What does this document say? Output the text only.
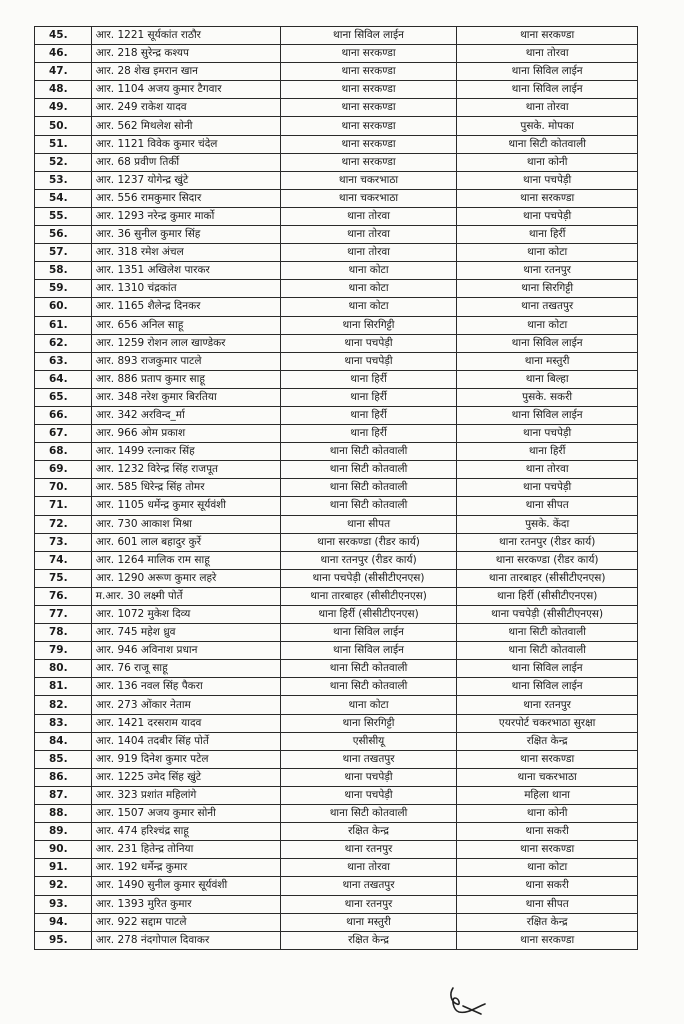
45.	आर. 1221 सूर्यकांत राठौर	थाना सिविल लाईन	थाना सरकण्डा
46.	आर. 218 सुरेन्द्र कश्यप	थाना सरकण्डा	थाना तोरवा
47.	आर. 28 शेख इमरान खान	थाना सरकण्डा	थाना सिविल लाईन
48.	आर. 1104 अजय कुमार टैगवार	थाना सरकण्डा	थाना सिविल लाईन
49.	आर. 249 राकेश यादव	थाना सरकण्डा	थाना तोरवा
50.	आर. 562 मिथलेश सोनी	थाना सरकण्डा	पुसके. मोपका
51.	आर. 1121 विवेक कुमार चंदेल	थाना सरकण्डा	थाना सिटी कोतवाली
52.	आर. 68 प्रवीण तिर्की	थाना सरकण्डा	थाना कोनी
53.	आर. 1237 योगेन्द्र खुंटे	थाना चकरभाठा	थाना पचपेड़ी
54.	आर. 556 रामकुमार सिदार	थाना चकरभाठा	थाना सरकण्डा
55.	आर. 1293 नरेन्द्र कुमार मार्को	थाना तोरवा	थाना पचपेड़ी
56.	आर. 36 सुनील कुमार सिंह	थाना तोरवा	थाना हिर्री
57.	आर. 318 रमेश अंचल	थाना तोरवा	थाना कोटा
58.	आर. 1351 अखिलेश पारकर	थाना कोटा	थाना रतनपुर
59.	आर. 1310 चंद्रकांत	थाना कोटा	थाना सिरगिट्टी
60.	आर. 1165 शैलेन्द्र दिनकर	थाना कोटा	थाना तखतपुर
61.	आर. 656 अनिल साहू	थाना सिरगिट्टी	थाना कोटा
62.	आर. 1259 रोशन लाल खाण्डेकर	थाना पचपेड़ी	थाना सिविल लाईन
63.	आर. 893 राजकुमार पाटले	थाना पचपेड़ी	थाना मस्तुरी
64.	आर. 886 प्रताप कुमार साहू	थाना हिर्री	थाना बिल्हा
65.	आर. 348 नरेश कुमार बिरतिया	थाना हिर्री	पुसके. सकरी
66.	आर. 342 अरविन्द_र्मा	थाना हिर्री	थाना सिविल लाईन
67.	आर. 966 ओम प्रकाश	थाना हिर्री	थाना पचपेड़ी
68.	आर. 1499 रत्नाकर सिंह	थाना सिटी कोतवाली	थाना हिर्री
69.	आर. 1232 विरेन्द्र सिंह राजपूत	थाना सिटी कोतवाली	थाना तोरवा
70.	आर. 585 धिरेन्द्र सिंह तोमर	थाना सिटी कोतवाली	थाना पचपेड़ी
71.	आर. 1105 धर्मेन्द्र कुमार सूर्यवंशी	थाना सिटी कोतवाली	थाना सीपत
72.	आर. 730 आकाश मिश्रा	थाना सीपत	पुसके. केंदा
73.	आर. 601 लाल बहादुर कुर्रे	थाना सरकण्डा (रीडर कार्य)	थाना रतनपुर (रीडर कार्य)
74.	आर. 1264 मालिक राम साहू	थाना रतनपुर (रीडर कार्य)	थाना सरकण्डा (रीडर कार्य)
75.	आर. 1290 अरूण कुमार लहरे	थाना पचपेड़ी (सीसीटीएनएस)	थाना तारबाहर (सीसीटीएनएस)
76.	म.आर. 30 लक्ष्मी पोर्ते	थाना तारबाहर (सीसीटीएनएस)	थाना हिर्री (सीसीटीएनएस)
77.	आर. 1072 मुकेश दिव्य	थाना हिर्री (सीसीटीएनएस)	थाना पचपेड़ी (सीसीटीएनएस)
78.	आर. 745 महेश ध्रुव	थाना सिविल लाईन	थाना सिटी कोतवाली
79.	आर. 946 अविनाश प्रधान	थाना सिविल लाईन	थाना सिटी कोतवाली
80.	आर. 76 राजू साहू	थाना सिटी कोतवाली	थाना सिविल लाईन
81.	आर. 136 नवल सिंह पैकरा	थाना सिटी कोतवाली	थाना सिविल लाईन
82.	आर. 273 ओंकार नेताम	थाना कोटा	थाना रतनपुर
83.	आर. 1421 दरसराम यादव	थाना सिरगिट्टी	एयरपोर्ट चकरभाठा सुरक्षा
84.	आर. 1404 तदबीर सिंह पोर्ते	एसीसीयू	रक्षित केन्द्र
85.	आर. 919 दिनेश कुमार पटेल	थाना तखतपुर	थाना सरकण्डा
86.	आर. 1225 उमेद सिंह खुंटे	थाना पचपेड़ी	थाना चकरभाठा
87.	आर. 323 प्रशांत महिलांगे	थाना पचपेड़ी	महिला थाना
88.	आर. 1507 अजय कुमार सोनी	थाना सिटी कोतवाली	थाना कोनी
89.	आर. 474 हरिश्चंद्र साहू	रक्षित केन्द्र	थाना सकरी
90.	आर. 231 हितेन्द्र तोनिया	थाना रतनपुर	थाना सरकण्डा
91.	आर. 192 धर्मेन्द्र कुमार	थाना तोरवा	थाना कोटा
92.	आर. 1490 सुनील कुमार सूर्यवंशी	थाना तखतपुर	थाना सकरी
93.	आर. 1393 मुरित कुमार	थाना रतनपुर	थाना सीपत
94.	आर. 922 सद्दाम पाटले	थाना मस्तुरी	रक्षित केन्द्र
95.	आर. 278 नंदगोपाल दिवाकर	रक्षित केन्द्र	थाना सरकण्डा
